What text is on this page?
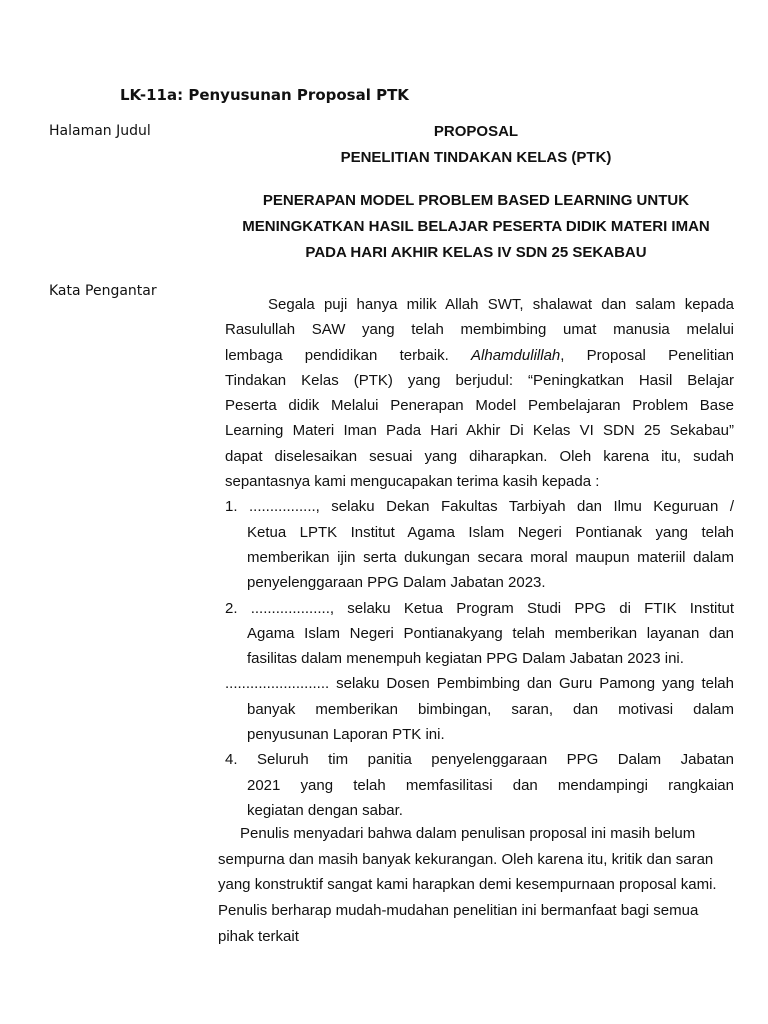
LK-11a: Penyusunan Proposal PTK
Halaman Judul
Kata Pengantar
PROPOSAL
PENELITIAN TINDAKAN KELAS (PTK)
PENERAPAN MODEL PROBLEM BASED LEARNING UNTUK
MENINGKATKAN HASIL BELAJAR PESERTA DIDIK MATERI IMAN
PADA HARI AKHIR KELAS IV SDN 25 SEKABAU
Segala puji hanya milik Allah SWT, shalawat dan salam kepada
Rasulullah SAW yang telah membimbing umat manusia melalui
lembaga pendidikan terbaik. Alhamdulillah, Proposal Penelitian
Tindakan Kelas (PTK) yang berjudul: “Peningkatkan Hasil Belajar
Peserta didik Melalui Penerapan Model Pembelajaran Problem Base
Learning Materi Iman Pada Hari Akhir Di Kelas VI SDN 25 Sekabau”
dapat diselesaikan sesuai yang diharapkan. Oleh karena itu, sudah
sepantasnya kami mengucapakan terima kasih kepada :
1. ................, selaku Dekan Fakultas Tarbiyah dan Ilmu Keguruan /
Ketua LPTK Institut Agama Islam Negeri Pontianak yang telah
memberikan ijin serta dukungan secara moral maupun materiil dalam
penyelenggaraan PPG Dalam Jabatan 2023.
2. ..................., selaku Ketua Program Studi PPG di FTIK Institut
Agama Islam Negeri Pontianakyang telah memberikan layanan dan
fasilitas dalam menempuh kegiatan PPG Dalam Jabatan 2023 ini.
......................... selaku Dosen Pembimbing dan Guru Pamong yang telah
banyak memberikan bimbingan, saran, dan motivasi dalam
penyusunan Laporan PTK ini.
4. Seluruh tim panitia penyelenggaraan PPG Dalam Jabatan
2021 yang telah memfasilitasi dan mendampingi rangkaian
kegiatan dengan sabar.
Penulis menyadari bahwa dalam penulisan proposal ini masih belum
sempurna dan masih banyak kekurangan. Oleh karena itu, kritik dan saran
yang konstruktif sangat kami harapkan demi kesempurnaan proposal kami.
Penulis berharap mudah-mudahan penelitian ini bermanfaat bagi semua
pihak terkait
